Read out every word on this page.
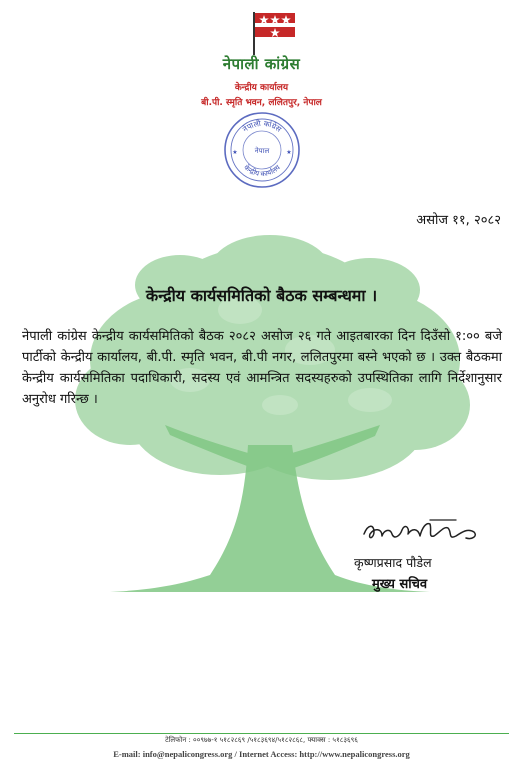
नेपाली कांग्रेस
केन्द्रीय कार्यालय
बी.पी. स्मृति भवन, ललितपुर, नेपाल
नेपाली कांग्रेस
केन्द्रीय कार्यालय
नेपाल
★	★
असोज ११, २०८२
केन्द्रीय कार्यसमितिको बैठक सम्बन्धमा ।
नेपाली कांग्रेस केन्द्रीय कार्यसमितिको बैठक २०८२ असोज २६ गते आइतबारका दिन दिउँसो १:०० बजे पार्टीको केन्द्रीय कार्यालय, बी.पी. स्मृति भवन, बी.पी नगर, ललितपुरमा बस्ने भएको छ । उक्त बैठकमा केन्द्रीय कार्यसमितिका पदाधिकारी, सदस्य एवं आमन्त्रित सदस्यहरुको उपस्थितिका लागि निर्देशानुसार अनुरोध गरिन्छ ।
कृष्णप्रसाद पौडेल
मुख्य सचिव
टेलिफोन : ००९७७-१ ५१८२८६९ /५१८३६९४/५१८२८६८, फ्याक्स : ५१८३६९६
E-mail: info@nepalicongress.org / Internet Access: http://www.nepalicongress.org
